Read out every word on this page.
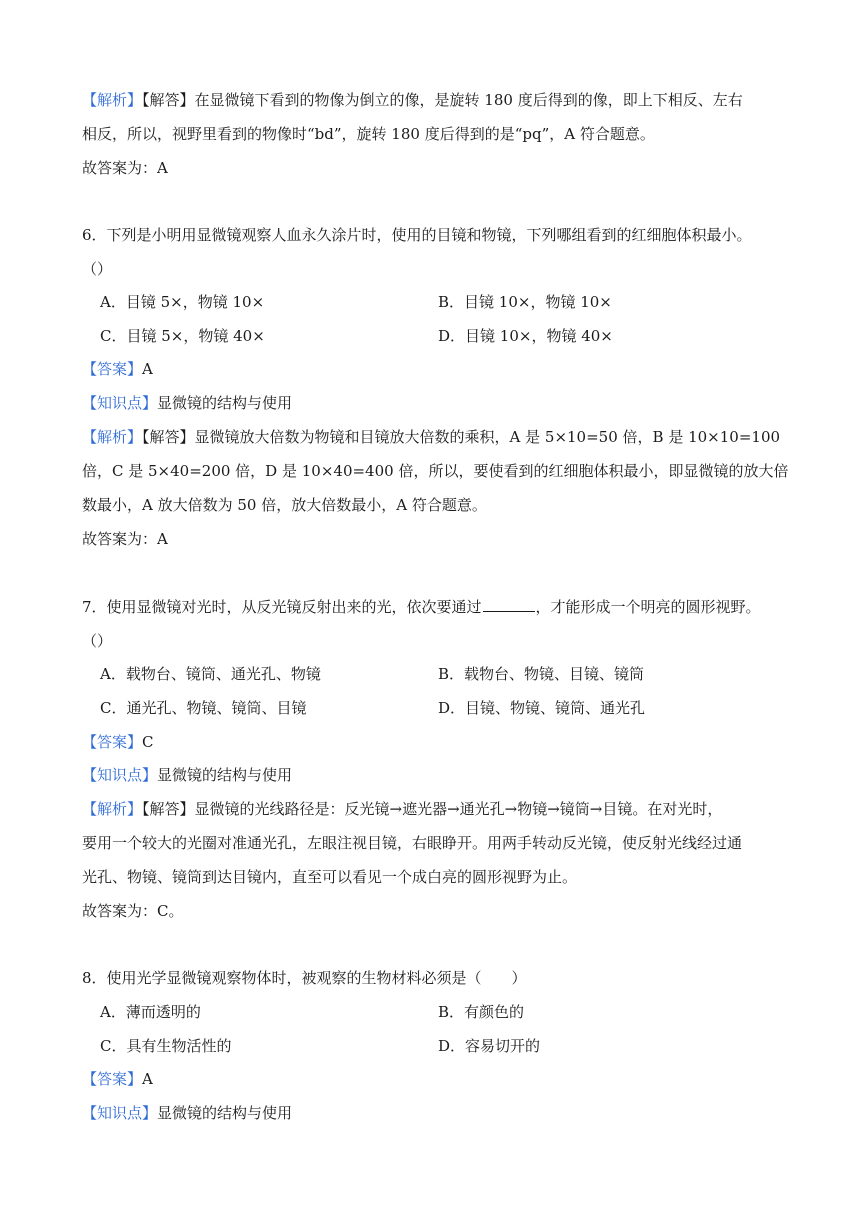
【解析】【解答】在显微镜下看到的物像为倒立的像，是旋转 180 度后得到的像，即上下相反、左右
相反，所以，视野里看到的物像时“bd”，旋转 180 度后得到的是“pq”，A 符合题意。
故答案为：A
6．下列是小明用显微镜观察人血永久涂片时，使用的目镜和物镜，下列哪组看到的红细胞体积最小。
（）
A．目镜 5×，物镜 10×	B．目镜 10×，物镜 10×
C．目镜 5×，物镜 40×	D．目镜 10×，物镜 40×
【答案】A
【知识点】显微镜的结构与使用
【解析】【解答】显微镜放大倍数为物镜和目镜放大倍数的乘积，A 是 5×10=50 倍，B 是 10×10=100
倍，C 是 5×40=200 倍，D 是 10×40=400 倍，所以，要使看到的红细胞体积最小，即显微镜的放大倍
数最小，A 放大倍数为 50 倍，放大倍数最小，A 符合题意。
故答案为：A
7．使用显微镜对光时，从反光镜反射出来的光，依次要通过	，才能形成一个明亮的圆形视野。
（）
A．载物台、镜筒、通光孔、物镜	B．载物台、物镜、目镜、镜筒
C．通光孔、物镜、镜筒、目镜	D．目镜、物镜、镜筒、通光孔
【答案】C
【知识点】显微镜的结构与使用
【解析】【解答】显微镜的光线路径是：反光镜→遮光器→通光孔→物镜→镜筒→目镜。在对光时，
要用一个较大的光圈对准通光孔，左眼注视目镜，右眼睁开。用两手转动反光镜，使反射光线经过通
光孔、物镜、镜筒到达目镜内，直至可以看见一个成白亮的圆形视野为止。
故答案为：C。
8．使用光学显微镜观察物体时，被观察的生物材料必须是（　　）
A．薄而透明的	B．有颜色的
C．具有生物活性的	D．容易切开的
【答案】A
【知识点】显微镜的结构与使用
